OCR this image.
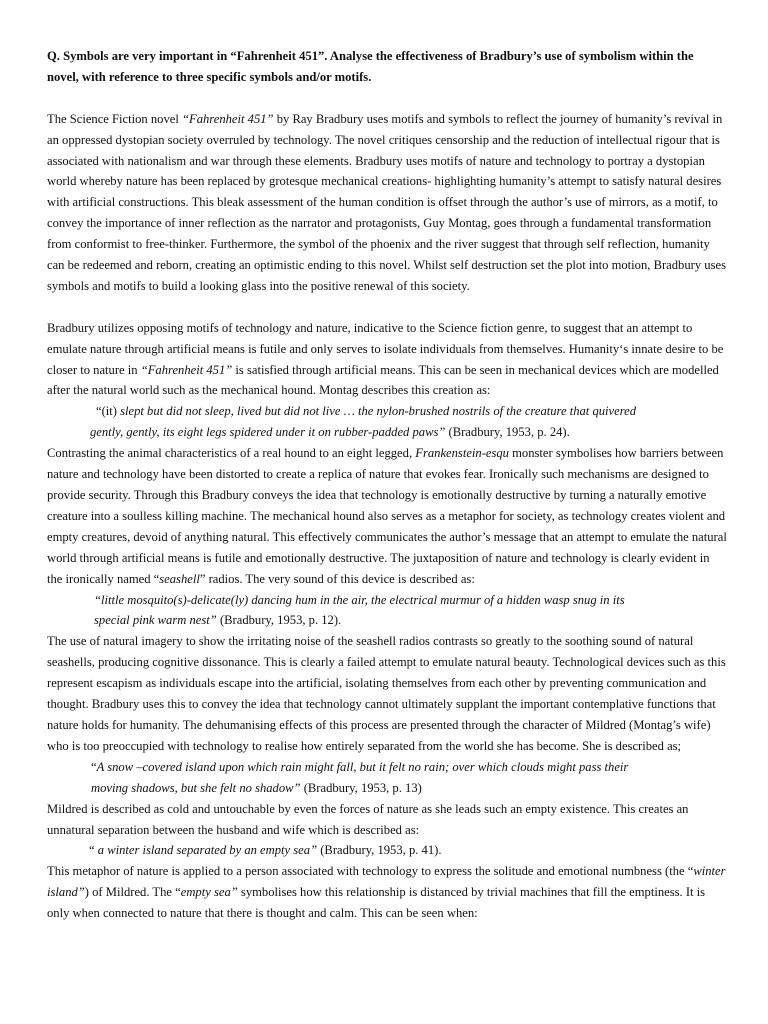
Q. Symbols are very important in “Fahrenheit 451”. Analyse the effectiveness of Bradbury’s use of symbolism within the novel, with reference to three specific symbols and/or motifs.

The Science Fiction novel “Fahrenheit 451” by Ray Bradbury uses motifs and symbols to reflect the journey of humanity’s revival in an oppressed dystopian society overruled by technology. The novel critiques censorship and the reduction of intellectual rigour that is associated with nationalism and war through these elements. Bradbury uses motifs of nature and technology to portray a dystopian world whereby nature has been replaced by grotesque mechanical creations- highlighting humanity’s attempt to satisfy natural desires with artificial constructions. This bleak assessment of the human condition is offset through the author’s use of mirrors, as a motif, to convey the importance of inner reflection as the narrator and protagonists, Guy Montag, goes through a fundamental transformation from conformist to free-thinker. Furthermore, the symbol of the phoenix and the river suggest that through self reflection, humanity can be redeemed and reborn, creating an optimistic ending to this novel. Whilst self destruction set the plot into motion, Bradbury uses symbols and motifs to build a looking glass into the positive renewal of this society.

Bradbury utilizes opposing motifs of technology and nature, indicative to the Science fiction genre, to suggest that an attempt to emulate nature through artificial means is futile and only serves to isolate individuals from themselves. Humanity‘s innate desire to be closer to nature in “Fahrenheit 451” is satisfied through artificial means. This can be seen in mechanical devices which are modelled after the natural world such as the mechanical hound. Montag describes this creation as:

“(it) slept but did not sleep, lived but did not live … the nylon-brushed nostrils of the creature that quivered
gently, gently, its eight legs spidered under it on rubber-padded paws” (Bradbury, 1953, p. 24).

Contrasting the animal characteristics of a real hound to an eight legged, Frankenstein-esqu monster symbolises how barriers between nature and technology have been distorted to create a replica of nature that evokes fear. Ironically such mechanisms are designed to provide security. Through this Bradbury conveys the idea that technology is emotionally destructive by turning a naturally emotive creature into a soulless killing machine. The mechanical hound also serves as a metaphor for society, as technology creates violent and empty creatures, devoid of anything natural. This effectively communicates the author’s message that an attempt to emulate the natural world through artificial means is futile and emotionally destructive. The juxtaposition of nature and technology is clearly evident in the ironically named “seashell” radios. The very sound of this device is described as:

“little mosquito(s)-delicate(ly) dancing hum in the air, the electrical murmur of a hidden wasp snug in its
special pink warm nest” (Bradbury, 1953, p. 12).

The use of natural imagery to show the irritating noise of the seashell radios contrasts so greatly to the soothing sound of natural seashells, producing cognitive dissonance. This is clearly a failed attempt to emulate natural beauty. Technological devices such as this represent escapism as individuals escape into the artificial, isolating themselves from each other by preventing communication and thought. Bradbury uses this to convey the idea that technology cannot ultimately supplant the important contemplative functions that nature holds for humanity. The dehumanising effects of this process are presented through the character of Mildred (Montag’s wife) who is too preoccupied with technology to realise how entirely separated from the world she has become. She is described as;

“A snow –covered island upon which rain might fall, but it felt no rain; over which clouds might pass their
moving shadows, but she felt no shadow” (Bradbury, 1953, p. 13)

Mildred is described as cold and untouchable by even the forces of nature as she leads such an empty existence. This creates an unnatural separation between the husband and wife which is described as:

“ a winter island separated by an empty sea” (Bradbury, 1953, p. 41).

This metaphor of nature is applied to a person associated with technology to express the solitude and emotional numbness (the “winter island”) of Mildred. The “empty sea” symbolises how this relationship is distanced by trivial machines that fill the emptiness. It is only when connected to nature that there is thought and calm. This can be seen when:
